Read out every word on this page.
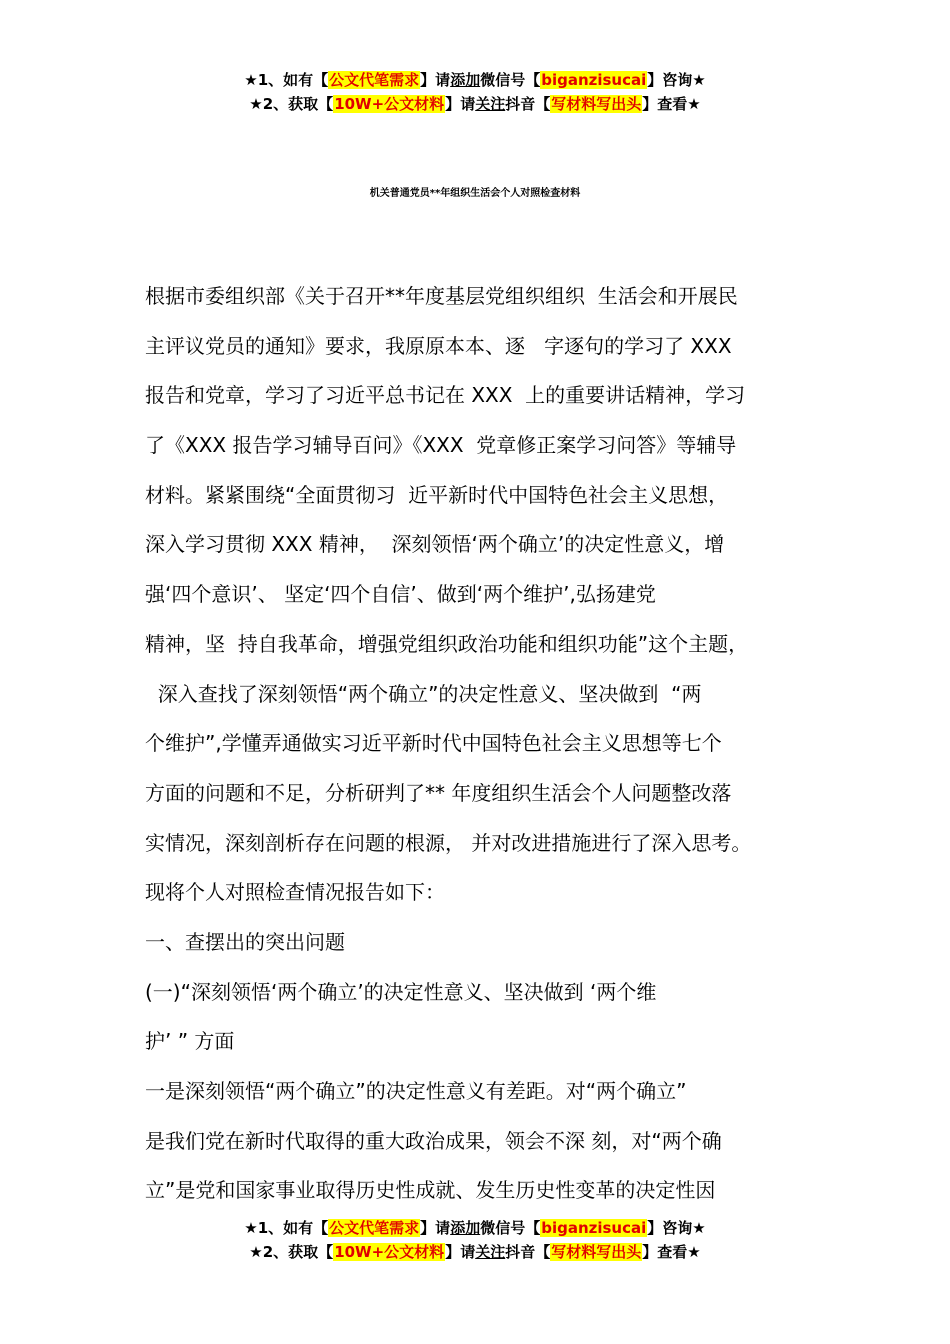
★1、如有【公文代笔需求】请添加微信号【biganzisucai】咨询★
★2、获取【10W+公文材料】请关注抖音【写材料写出头】查看★
机关普通党员**年组织生活会个人对照检查材料
根据市委组织部《关于召开**年度基层党组织组织  生活会和开展民
主评议党员的通知》要求，我原原本本、逐   字逐句的学习了 XXX
报告和党章，学习了习近平总书记在 XXX  上的重要讲话精神，学习
了《XXX 报告学习辅导百问》《XXX  党章修正案学习问答》等辅导
材料。紧紧围绕“全面贯彻习  近平新时代中国特色社会主义思想，
深入学习贯彻 XXX 精神，  深刻领悟‘两个确立’的决定性意义，增
强‘四个意识’、 坚定‘四个自信’、做到‘两个维护’,弘扬建党
精神，坚  持自我革命，增强党组织政治功能和组织功能”这个主题，
深入查找了深刻领悟“两个确立”的决定性意义、坚决做到  “两
个维护”,学懂弄通做实习近平新时代中国特色社会主义思想等七个
方面的问题和不足，分析研判了** 年度组织生活会个人问题整改落
实情况，深刻剖析存在问题的根源， 并对改进措施进行了深入思考。
现将个人对照检查情况报告如下：
一、查摆出的突出问题
(一)“深刻领悟‘两个确立’的决定性意义、坚决做到 ‘两个维
护’ ” 方面
一是深刻领悟“两个确立”的决定性意义有差距。对“两个确立”
是我们党在新时代取得的重大政治成果，领会不深 刻，对“两个确
立”是党和国家事业取得历史性成就、发生历史性变革的决定性因
★1、如有【公文代笔需求】请添加微信号【biganzisucai】咨询★
★2、获取【10W+公文材料】请关注抖音【写材料写出头】查看★
